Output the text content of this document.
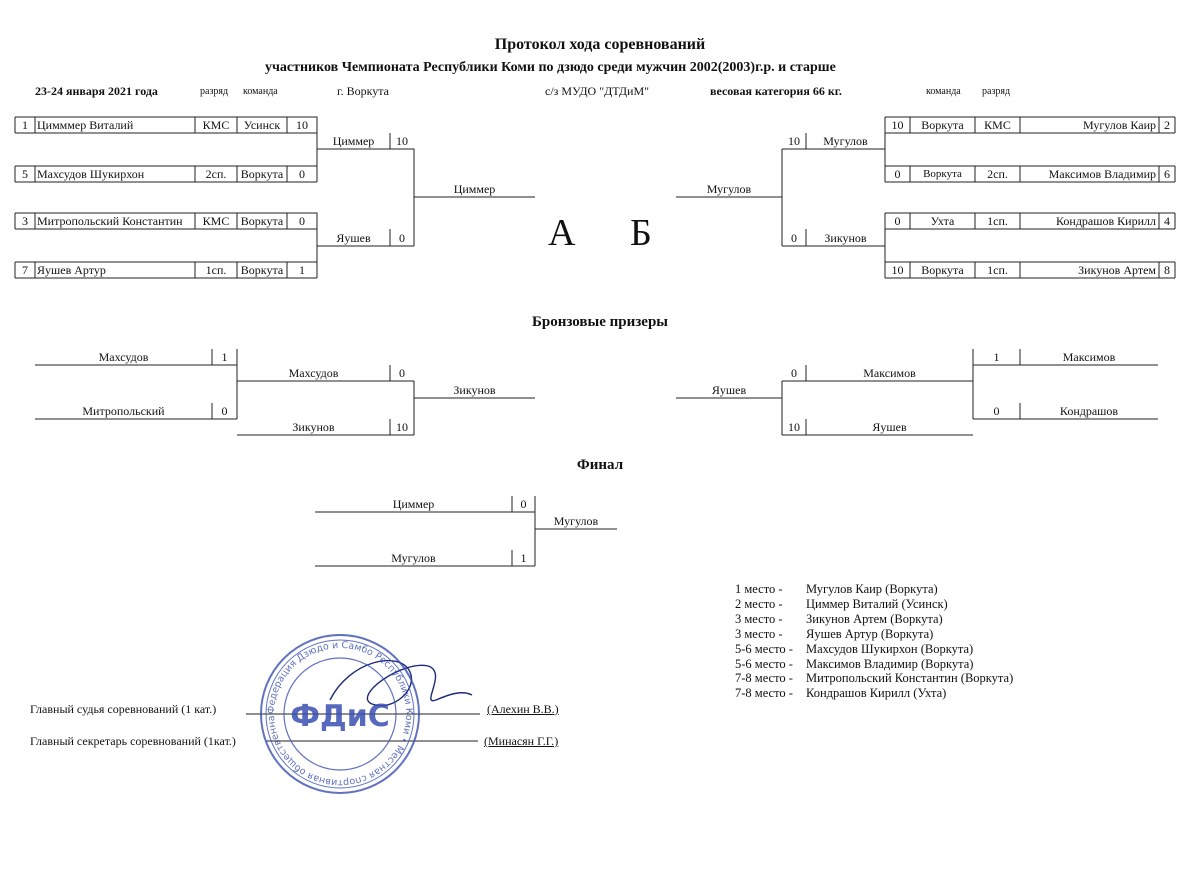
Протокол хода соревнований
участников Чемпионата Республики Коми по дзюдо среди мужчин 2002(2003)г.р. и старше
23-24 января 2021 года	разряд команда	г. Воркута	с/з МУДО "ДТДиМ"	весовая категория 66 кг.	команда разряд
1 Цимммер Виталий	КМС	Усинск	10
5 Махсудов Шукирхон	2сп.	Воркута	0
3 Митропольский Константин	КМС Воркута	0
7 Яушев Артур	1сп.	Воркута	1
Циммер	10
Яушев	0
Циммер
А Б
10	Воркута	КМС	Мугулов Каир 2
0	Воркута	2сп.	Максимов Владимир 6
0	Ухта	1сп.	Кондрашов Кирилл 4
10	Воркута	1сп.	Зикунов Артем 8
10	Мугулов
0	Зикунов
Мугулов
Бронзовые призеры
Махсудов	1
Митропольский	0
Махсудов	0
Зикунов	10
Зикунов
1	Максимов
0	Кондрашов
0	Максимов
10	Яушев
Яушев
Финал
Циммер	0
Мугулов	1
Мугулов
1 место - Мугулов Каир (Воркута)
2 место - Циммер Виталий (Усинск)
3 место - Зикунов Артем (Воркута)
3 место - Яушев Артур (Воркута)
5-6 место - Махсудов Шукирхон (Воркута)
5-6 место - Максимов Владимир (Воркута)
7-8 место - Митропольский Константин (Воркута)
7-8 место - Кондрашов Кирилл (Ухта)
Главный судья соревнований (1 кат.)	(Алехин В.В.)
Главный секретарь соревнований (1кат.)	(Минасян Г.Г.)
Федерация Дзюдо и Самбо Республики Коми • Местная спортивная общественна ФДиС
